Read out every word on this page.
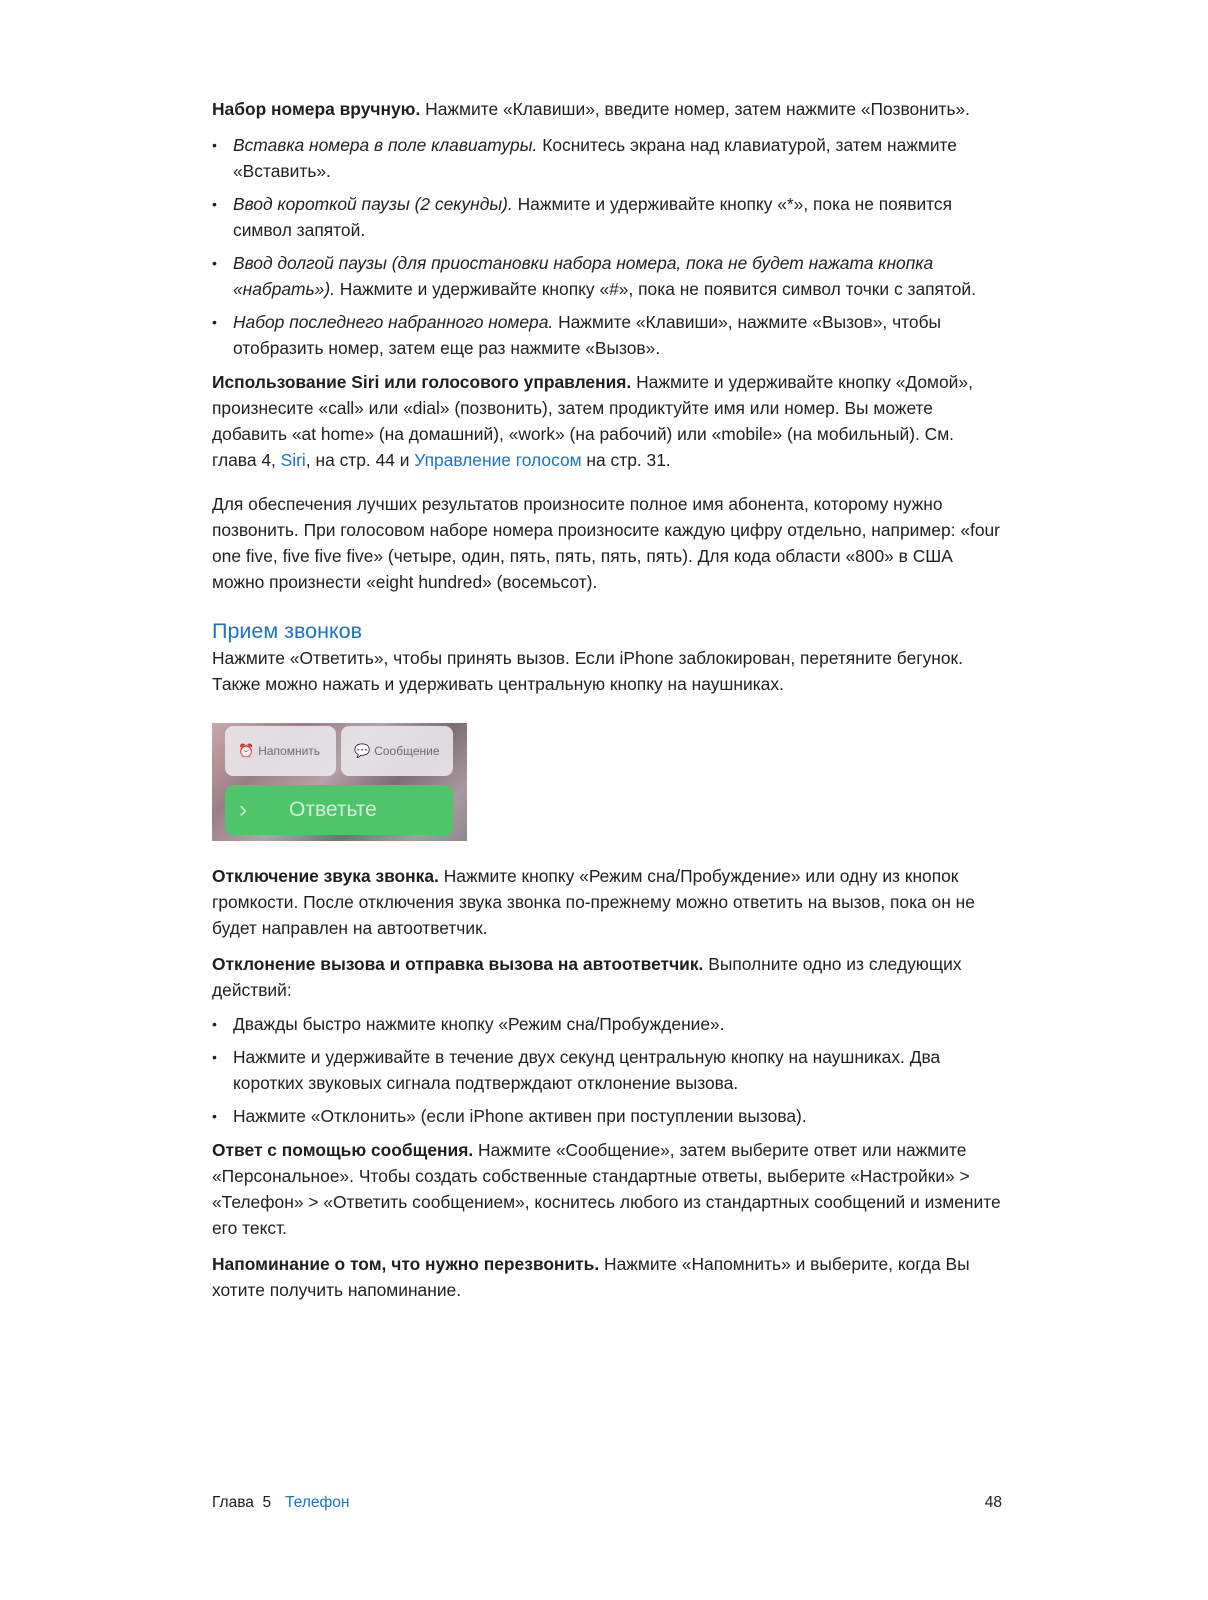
Набор номера вручную. Нажмите «Клавиши», введите номер, затем нажмите «Позвонить».

• Вставка номера в поле клавиатуры. Коснитесь экрана над клавиатурой, затем нажмите «Вставить».
• Ввод короткой паузы (2 секунды). Нажмите и удерживайте кнопку «*», пока не появится символ запятой.
• Ввод долгой паузы (для приостановки набора номера, пока не будет нажата кнопка «набрать»). Нажмите и удерживайте кнопку «#», пока не появится символ точки с запятой.
• Набор последнего набранного номера. Нажмите «Клавиши», нажмите «Вызов», чтобы отобразить номер, затем еще раз нажмите «Вызов».

Использование Siri или голосового управления. Нажмите и удерживайте кнопку «Домой», произнесите «call» или «dial» (позвонить), затем продиктуйте имя или номер. Вы можете добавить «at home» (на домашний), «work» (на рабочий) или «mobile» (на мобильный). См. глава 4, Siri, на стр. 44 и Управление голосом на стр. 31.

Для обеспечения лучших результатов произносите полное имя абонента, которому нужно позвонить. При голосовом наборе номера произносите каждую цифру отдельно, например: «four one five, five five five» (четыре, один, пять, пять, пять, пять). Для кода области «800» в США можно произнести «eight hundred» (восемьсот).

Прием звонков

Нажмите «Ответить», чтобы принять вызов. Если iPhone заблокирован, перетяните бегунок. Также можно нажать и удерживать центральную кнопку на наушниках.

⏰ Напомнить	💬 Сообщение
› Ответьте

Отключение звука звонка. Нажмите кнопку «Режим сна/Пробуждение» или одну из кнопок громкости. После отключения звука звонка по-прежнему можно ответить на вызов, пока он не будет направлен на автоответчик.

Отклонение вызова и отправка вызова на автоответчик. Выполните одно из следующих действий:

• Дважды быстро нажмите кнопку «Режим сна/Пробуждение».
• Нажмите и удерживайте в течение двух секунд центральную кнопку на наушниках. Два коротких звуковых сигнала подтверждают отклонение вызова.
• Нажмите «Отклонить» (если iPhone активен при поступлении вызова).

Ответ с помощью сообщения. Нажмите «Сообщение», затем выберите ответ или нажмите «Персональное». Чтобы создать собственные стандартные ответы, выберите «Настройки» > «Телефон» > «Ответить сообщением», коснитесь любого из стандартных сообщений и измените его текст.

Напоминание о том, что нужно перезвонить. Нажмите «Напомнить» и выберите, когда Вы хотите получить напоминание.

Глава  5 Телефон	48
